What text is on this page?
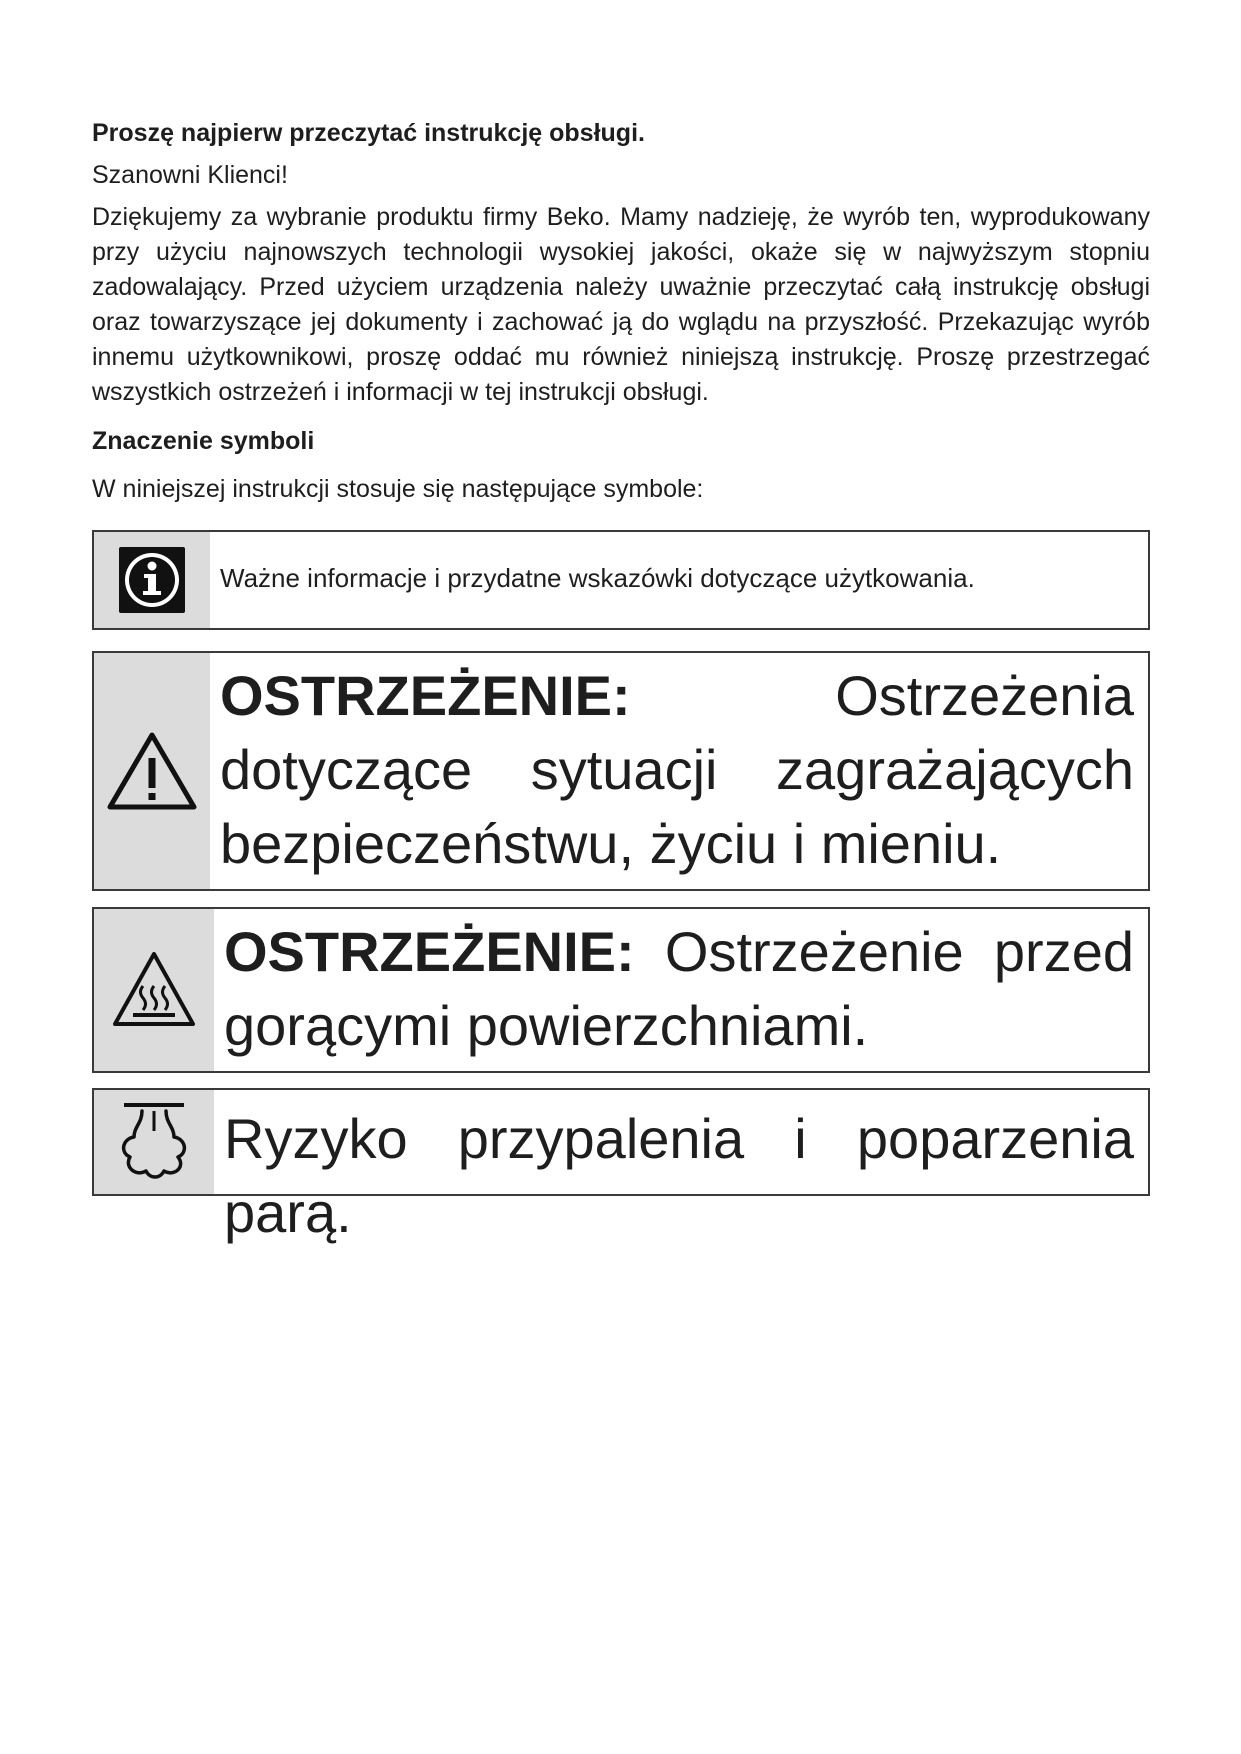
Proszę najpierw przeczytać instrukcję obsługi.
Szanowni Klienci!
Dziękujemy za wybranie produktu firmy Beko. Mamy nadzieję, że wyrób ten, wyprodukowany przy użyciu najnowszych technologii wysokiej jakości, okaże się w najwyższym stopniu zadowalający. Przed użyciem urządzenia należy uważnie przeczytać całą instrukcję obsługi oraz towarzyszące jej dokumenty i zachować ją do wglądu na przyszłość. Przekazując wyrób innemu użytkownikowi, proszę oddać mu również niniejszą instrukcję. Proszę przestrzegać wszystkich ostrzeżeń i informacji w tej instrukcji obsługi.
Znaczenie symboli
W niniejszej instrukcji stosuje się następujące symbole:
Ważne informacje i przydatne wskazówki dotyczące użytkowania.
OSTRZEŻENIE:	Ostrzeżenia dotyczące sytuacji zagrażających bezpieczeństwu, życiu i mieniu.
OSTRZEŻENIE: Ostrzeżenie przed gorącymi powierzchniami.
Ryzyko przypalenia i poparzenia parą.
